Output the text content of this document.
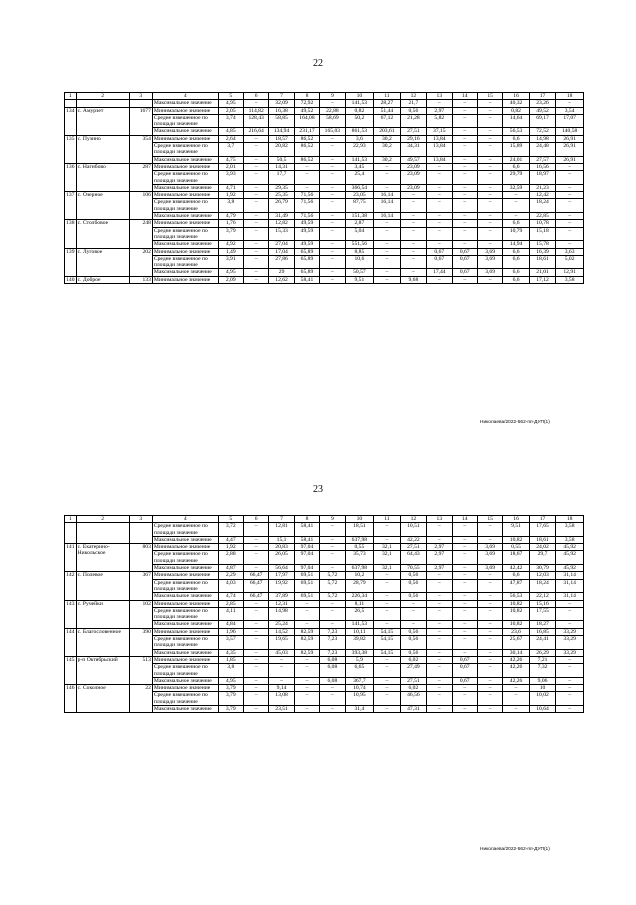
22
1	2	3	4	5	6	7	8	9	10	11	12	13	14	15	16	17	18
			Максимальное значение	4,95	–	32,09	72,92	–	141,53	28,27	21,7	–	–	–	40,32	23,26	–
134	с. Амурзет	1677	Минимальное значение	2,05	114,82	16,38	49,52	22,88	0,82	51,44	0,56	2,97	–	–	0,82	49,52	3,54
			Средне взвешенное по площади значение	3,74	128,43	58,85	164,08	58,69	50,2	67,12	21,28	5,82	–	–	14,64	69,17	17,07
			Максимальное значение	4,85	216,64	134,94	231,17	165,03	861,53	203,61	27,51	37,15	–	–	56,53	72,52	140,58
135	с. Пузино	354	Минимальное значение	2,64	–	18,57	86,52	–	3,6	30,2	29,16	13,84	–	–	6,6	14,98	26,91
			Средне взвешенное по площади значение	3,7	–	20,82	86,52	–	22,93	30,2	34,31	13,84	–	–	15,89	24,48	26,91
			Максимальное значение	4,75	–	50,5	86,52	–	141,53	30,2	49,57	13,84	–	–	24,01	27,57	26,91
136	с. Нагибово	287	Минимальное значение	2,01	–	14,31	–	–	3,45	–	23,09	–	–	–	6,6	16,56	–
			Средне взвешенное по площади значение	3,93	–	17,7	–	–	25,4	–	23,09	–	–	–	29,79	18,97	–
			Максимальное значение	4,71	–	29,35	–	–	366,54	–	23,09	–	–	–	32,59	21,23	–
137	с. Озерное	106	Минимальное значение	1,92	–	25,35	71,56	–	23,05	16,14	–	–	–	–	–	12,42	–
			Средне взвешенное по площади значение	3,8	–	26,79	71,56	–	87,75	16,14	–	–	–	–	–	18,24	–
			Максимальное значение	4,79	–	31,49	71,56	–	151,38	16,14	–	–	–	–	–	22,85	–
138	с. Столбовое	248	Минимальное значение	1,76	–	12,82	49,59	–	2,87	–	–	–	–	–	6,6	10,78	–
			Средне взвешенное по площади значение	3,79	–	15,33	49,59	–	5,04	–	–	–	–	–	10,79	15,18	–
			Максимальное значение	4,92	–	27,04	49,59	–	551,56	–	–	–	–	–	14,94	15,78	–
139	с. Луговое	202	Минимальное значение	1,49	–	17,04	65,89	–	8,85	–	–	0,67	0,67	3,69	6,6	16,39	3,63
			Средне взвешенное по площади значение	3,91	–	27,86	65,89	–	10,6	–	–	0,67	0,67	3,69	6,6	18,61	5,02
			Максимальное значение	4,95	–	29	65,89	–	50,57	–	–	17,44	0,67	3,69	6,6	21,01	12,91
140	с. Доброе	133	Минимальное значение	2,09	–	12,62	58,41	–	9,51	–	9,68	–	–	–	6,6	17,12	3,58
Николаева/2022-562-пп-ДУП(1)
23
1	2	3	4	5	6	7	8	9	10	11	12	13	14	15	16	17	18
			Средне взвешенное по площади значение	3,72	–	12,81	58,41	–	18,51	–	10,51	–	–	–	9,51	17,65	3,58
			Максимальное значение	4,47	–	15,1	58,41	–	637,98	–	42,22	–	–	–	10,82	18,61	3,58
141	с. Екатерино-Никольское	803	Минимальное значение	1,92	–	20,83	97,04	–	0,55	32,1	27,51	2,97	–	3,69	0,55	24,02	45,92
			Средне взвешенное по площади значение	2,88	–	26,05	97,04	–	35,73	32,1	64,43	2,97	–	3,69	18,67	29,7	45,92
			Максимальное значение	4,87	–	56,64	97,04	–	637,98	32,1	70,55	2,97	–	3,69	42,42	30,79	45,92
142	с. Полевое	367	Минимальное значение	2,29	66,47	17,97	69,51	5,72	10,2	–	0,56	–	–	–	6,6	12,03	31,14
			Средне взвешенное по площади значение	4,03	66,47	19,92	69,51	5,72	28,79	–	0,56	–	–	–	47,87	18,24	31,14
			Максимальное значение	4,74	66,47	37,89	69,51	5,72	226,34	–	0,56	–	–	–	56,53	22,12	31,14
143	с. Ручейки	102	Минимальное значение	2,85	–	12,31	–	–	8,11	–	–	–	–	–	10,82	15,16	–
			Средне взвешенное по площади значение	4,11	–	14,98	–	–	26,5	–	–	–	–	–	10,82	17,55	–
			Максимальное значение	4,84	–	25,24	–	–	141,53	–	–	–	–	–	10,82	18,27	–
144	с. Благословенное	390	Минимальное значение	1,96	–	14,52	82,59	7,23	10,11	54,15	0,56	–	–	–	23,6	16,85	33,29
			Средне взвешенное по площади значение	3,57	–	19,65	82,59	7,23	39,82	54,15	0,56	–	–	–	25,67	24,41	33,29
			Максимальное значение	4,35	–	45,03	82,59	7,23	393,38	54,15	0,56	–	–	–	30,14	26,29	33,29
145	р-п Октябрьский	513	Минимальное значение	1,85	–	–	–	6,08	5,9	–	6,02	–	0,67	–	42,26	7,21	–
			Средне взвешенное по площади значение	3,8	–	–	–	6,08	6,65	–	27,49	–	0,67	–	42,26	7,32	–
			Максимальное значение	4,95	–	–	–	6,08	367,7	–	27,51	–	0,67	–	42,26	9,06	–
146	с. Соколное	22	Минимальное значение	3,79	–	9,14	–	–	10,74	–	6,02	–	–	–	–	10	–
			Средне взвешенное по площади значение	3,79	–	13,08	–	–	10,95	–	46,56	–	–	–	–	10,02	–
			Максимальное значение	3,79	–	23,51	–	–	31,4	–	47,31	–	–	–	–	10,64	–
Николаева/2022-562-пп-ДУП(1)
